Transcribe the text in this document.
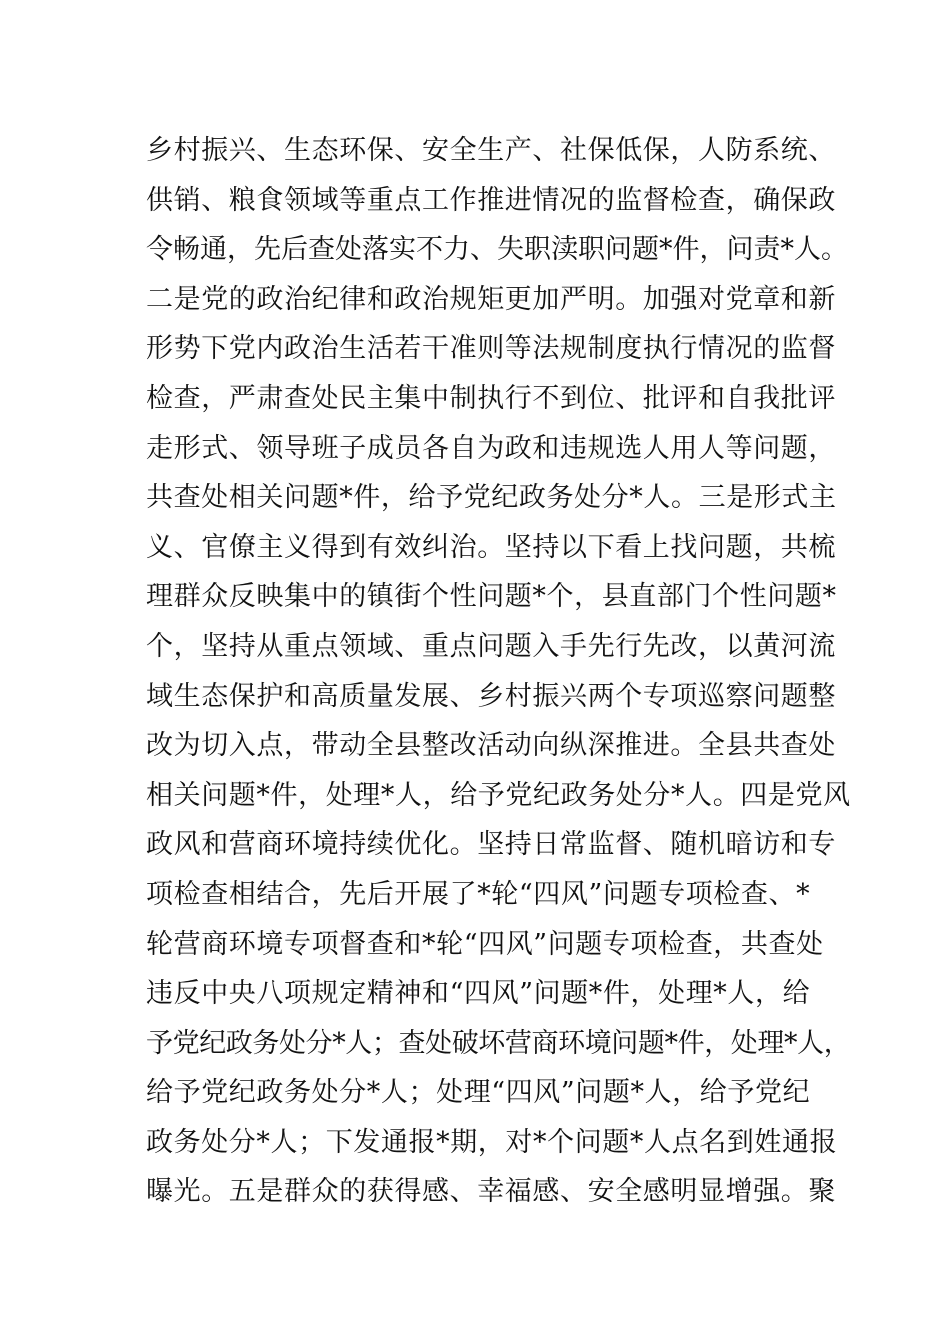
乡村振兴、生态环保、安全生产、社保低保，人防系统、
供销、粮食领域等重点工作推进情况的监督检查，确保政
令畅通，先后查处落实不力、失职渎职问题*件，问责*人。
二是党的政治纪律和政治规矩更加严明。加强对党章和新
形势下党内政治生活若干准则等法规制度执行情况的监督
检查，严肃查处民主集中制执行不到位、批评和自我批评
走形式、领导班子成员各自为政和违规选人用人等问题，
共查处相关问题*件，给予党纪政务处分*人。三是形式主
义、官僚主义得到有效纠治。坚持以下看上找问题，共梳
理群众反映集中的镇街个性问题*个，县直部门个性问题*
个，坚持从重点领域、重点问题入手先行先改，以黄河流
域生态保护和高质量发展、乡村振兴两个专项巡察问题整
改为切入点，带动全县整改活动向纵深推进。全县共查处
相关问题*件，处理*人，给予党纪政务处分*人。四是党风
政风和营商环境持续优化。坚持日常监督、随机暗访和专
项检查相结合，先后开展了*轮“四风”问题专项检查、*
轮营商环境专项督查和*轮“四风”问题专项检查，共查处
违反中央八项规定精神和“四风”问题*件，处理*人，给
予党纪政务处分*人；查处破坏营商环境问题*件，处理*人，
给予党纪政务处分*人；处理“四风”问题*人，给予党纪
政务处分*人；下发通报*期，对*个问题*人点名到姓通报
曝光。五是群众的获得感、幸福感、安全感明显增强。聚
